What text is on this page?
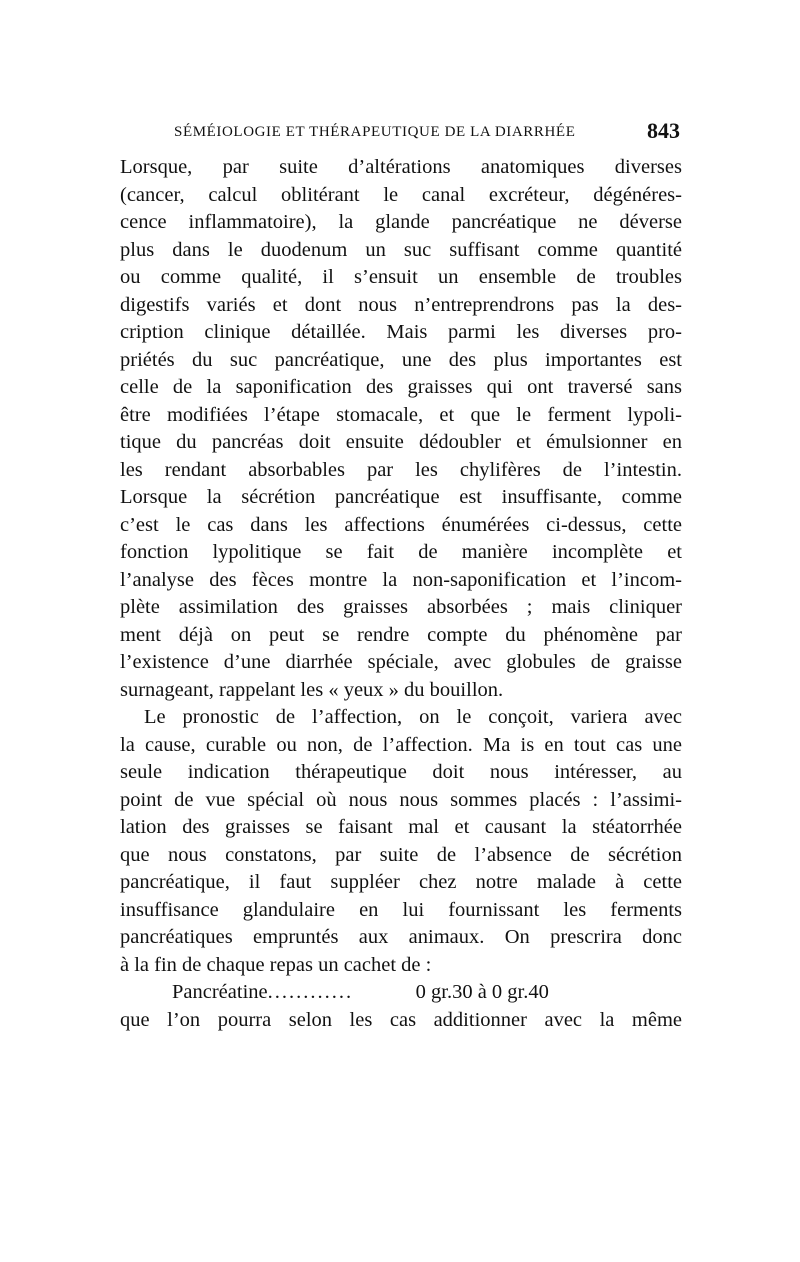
SÉMÉIOLOGIE ET THÉRAPEUTIQUE DE LA DIARRHÉE	843
Lorsque, par suite d’altérations anatomiques diverses
(cancer, calcul oblitérant le canal excréteur, dégénéres-
cence inflammatoire), la glande pancréatique ne déverse
plus dans le duodenum un suc suffisant comme quantité
ou comme qualité, il s’ensuit un ensemble de troubles
digestifs variés et dont nous n’entreprendrons pas la des-
cription clinique détaillée. Mais parmi les diverses pro-
priétés du suc pancréatique, une des plus importantes est
celle de la saponification des graisses qui ont traversé sans
être modifiées l’étape stomacale, et que le ferment lypoli-
tique du pancréas doit ensuite dédoubler et émulsionner en
les rendant absorbables par les chylifères de l’intestin.
Lorsque la sécrétion pancréatique est insuffisante, comme
c’est le cas dans les affections énumérées ci-dessus, cette
fonction lypolitique se fait de manière incomplète et
l’analyse des fèces montre la non-saponification et l’incom-
plète assimilation des graisses absorbées ; mais cliniquer
ment déjà on peut se rendre compte du phénomène par
l’existence d’une diarrhée spéciale, avec globules de graisse
surnageant, rappelant les « yeux » du bouillon.
Le pronostic de l’affection, on le conçoit, variera avec
la cause, curable ou non, de l’affection. Ma is en tout cas une
seule indication thérapeutique doit nous intéresser, au
point de vue spécial où nous nous sommes placés : l’assimi-
lation des graisses se faisant mal et causant la stéatorrhée
que nous constatons, par suite de l’absence de sécrétion
pancréatique, il faut suppléer chez notre malade à cette
insuffisance glandulaire en lui fournissant les ferments
pancréatiques empruntés aux animaux. On prescrira donc
à la fin de chaque repas un cachet de :
Pancréatine ............	0 gr.30 à 0 gr.40
que l’on pourra selon les cas additionner avec la même
